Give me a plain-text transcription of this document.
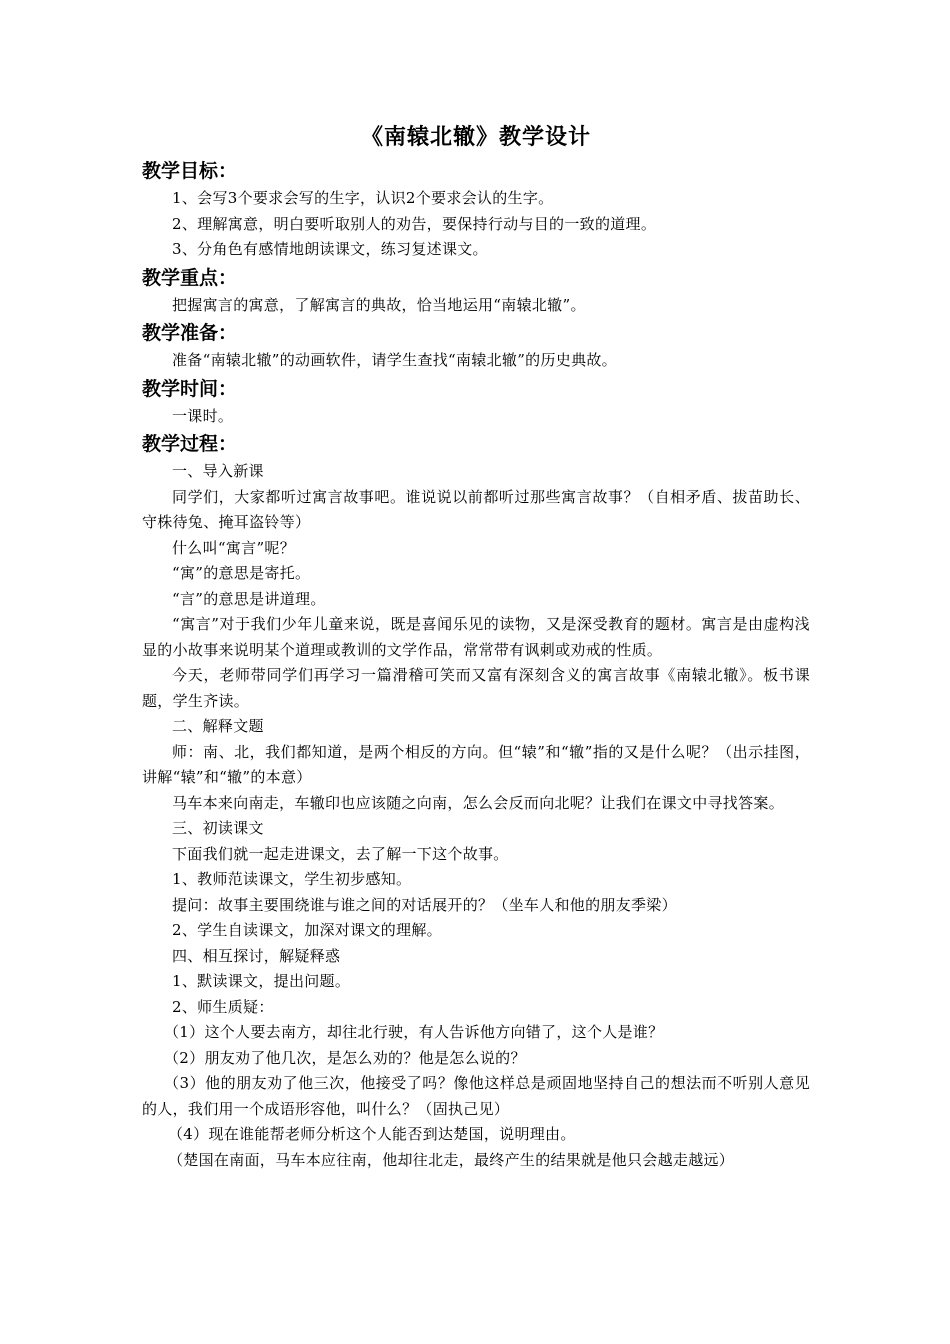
《南辕北辙》教学设计
教学目标：

1、会写3个要求会写的生字，认识2个要求会认的生字。

2、理解寓意，明白要听取别人的劝告，要保持行动与目的一致的道理。

3、分角色有感情地朗读课文，练习复述课文。

教学重点：

把握寓言的寓意，了解寓言的典故，恰当地运用“南辕北辙”。

教学准备：

准备“南辕北辙”的动画软件，请学生查找“南辕北辙”的历史典故。

教学时间：

一课时。

教学过程：

一、导入新课

同学们，大家都听过寓言故事吧。谁说说以前都听过那些寓言故事？（自相矛盾、拔苗助长、守株待兔、掩耳盗铃等）

什么叫“寓言”呢？

“寓”的意思是寄托。

“言”的意思是讲道理。

“寓言”对于我们少年儿童来说，既是喜闻乐见的读物，又是深受教育的题材。寓言是由虚构浅显的小故事来说明某个道理或教训的文学作品，常常带有讽刺或劝戒的性质。

今天，老师带同学们再学习一篇滑稽可笑而又富有深刻含义的寓言故事《南辕北辙》。板书课题，学生齐读。

二、解释文题

师：南、北，我们都知道，是两个相反的方向。但“辕”和“辙”指的又是什么呢？（出示挂图，讲解“辕”和“辙”的本意）

马车本来向南走，车辙印也应该随之向南，怎么会反而向北呢？让我们在课文中寻找答案。

三、初读课文

下面我们就一起走进课文，去了解一下这个故事。

1、教师范读课文，学生初步感知。

提问：故事主要围绕谁与谁之间的对话展开的？（坐车人和他的朋友季梁）

2、学生自读课文，加深对课文的理解。

四、相互探讨，解疑释惑

1、默读课文，提出问题。

2、师生质疑：

（1）这个人要去南方，却往北行驶，有人告诉他方向错了，这个人是谁？

（2）朋友劝了他几次，是怎么劝的？他是怎么说的？

（3）他的朋友劝了他三次，他接受了吗？像他这样总是顽固地坚持自己的想法而不听别人意见的人，我们用一个成语形容他，叫什么？（固执己见）

（4）现在谁能帮老师分析这个人能否到达楚国，说明理由。

（楚国在南面，马车本应往南，他却往北走，最终产生的结果就是他只会越走越远）
